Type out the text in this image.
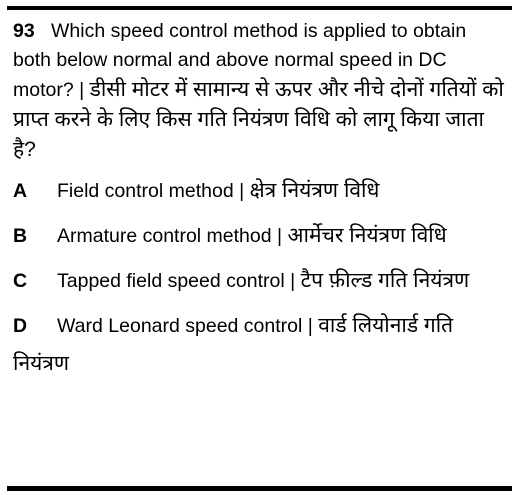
93 Which speed control method is applied to obtain both below normal and above normal speed in DC motor? | डीसी मोटर में सामान्य से ऊपर और नीचे दोनों गतियों को प्राप्त करने के लिए किस गति नियंत्रण विधि को लागू किया जाता है?
A Field control method | क्षेत्र नियंत्रण विधि
B Armature control method | आर्मेचर नियंत्रण विधि
C Tapped field speed control | टैप फ़ील्ड गति नियंत्रण
D Ward Leonard speed control | वार्ड लियोनार्ड गति नियंत्रण
